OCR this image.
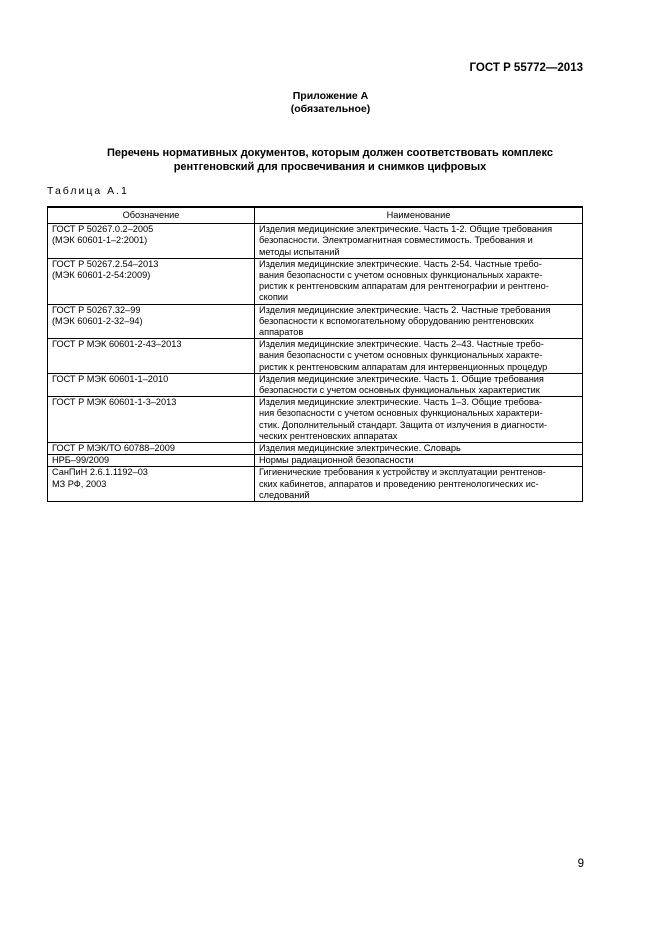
ГОСТ Р 55772—2013
Приложение А
(обязательное)
Перечень нормативных документов, которым должен соответствовать комплекс
рентгеновский для просвечивания и снимков цифровых
Таблица А.1
Обозначение	Наименование

ГОСТ Р 50267.0.2–2005
(МЭК 60601-1–2:2001)	Изделия медицинские электрические. Часть 1-2. Общие требования
безопасности. Электромагнитная совместимость. Требования и
методы испытаний

ГОСТ Р 50267.2.54–2013
(МЭК 60601-2-54:2009)	Изделия медицинские электрические. Часть 2-54. Частные требо-
вания безопасности с учетом основных функциональных характе-
ристик к рентгеновским аппаратам для рентгенографии и рентгено-
скопии

ГОСТ Р 50267.32–99
(МЭК 60601-2-32–94)	Изделия медицинские электрические. Часть 2. Частные требования
безопасности к вспомогательному оборудованию рентгеновских
аппаратов

ГОСТ Р МЭК 60601-2-43–2013	Изделия медицинские электрические. Часть 2–43. Частные требо-
вания безопасности с учетом основных функциональных характе-
ристик к рентгеновским аппаратам для интервенционных процедур

ГОСТ Р МЭК 60601-1–2010	Изделия медицинские электрические. Часть 1. Общие требования
безопасности с учетом основных функциональных характеристик

ГОСТ Р МЭК 60601-1-3–2013	Изделия медицинские электрические. Часть 1–3. Общие требова-
ния безопасности с учетом основных функциональных характери-
стик. Дополнительный стандарт. Защита от излучения в диагности-
ческих рентгеновских аппаратах

ГОСТ Р МЭК/ТО 60788–2009	Изделия медицинские электрические. Словарь

НРБ–99/2009	Нормы радиационной безопасности

СанПиН 2.6.1.1192–03
МЗ РФ, 2003	Гигиенические требования к устройству и эксплуатации рентгенов-
ских кабинетов, аппаратов и проведению рентгенологических ис-
следований
9
